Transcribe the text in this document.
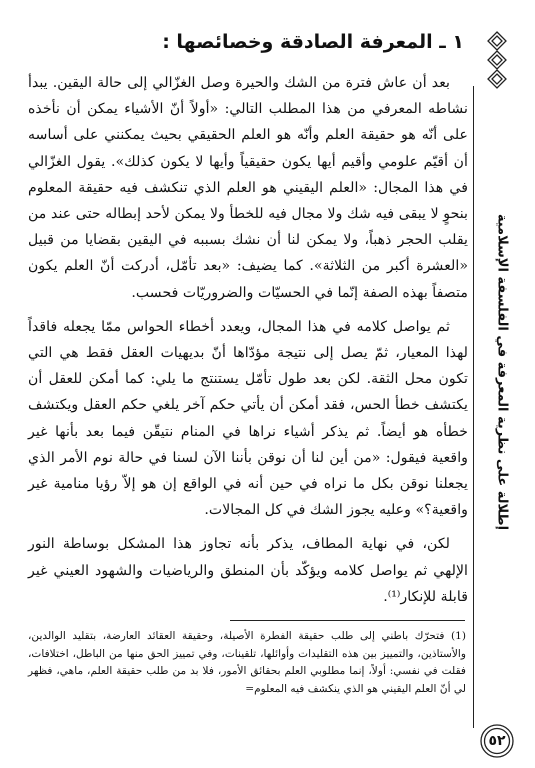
١ ـ المعرفة الصادقة وخصائصها :

بعد أن عاش فترة من الشك والحيرة وصل الغزّالي إلى حالة اليقين. يبدأ نشاطه المعرفي من هذا المطلب التالي: «أولاً أنّ الأشياء يمكن أن نأخذه على أنّه هو حقيقة العلم وأنّه هو العلم الحقيقي بحيث يمكنني على أساسه أن أقيّم علومي وأقيم أيها يكون حقيقياً وأيها لا يكون كذلك». يقول الغزّالي في هذا المجال: «العلم اليقيني هو العلم الذي تنكشف فيه حقيقة المعلوم بنحوٍ لا يبقى فيه شك ولا مجال فيه للخطأ ولا يمكن لأحد إبطاله حتى عند من يقلب الحجر ذهباً، ولا يمكن لنا أن نشك بسببه في اليقين بقضايا من قبيل «العشرة أكبر من الثلاثة». كما يضيف: «بعد تأمّل، أدركت أنّ العلم يكون متصفاً بهذه الصفة إنّما في الحسيّات والضروريّات فحسب.

ثم يواصل كلامه في هذا المجال، ويعدد أخطاء الحواس ممّا يجعله فاقداً لهذا المعيار، ثمّ يصل إلى نتيجة مؤدّاها أنّ بديهيات العقل فقط هي التي تكون محل الثقة. لكن بعد طول تأمّل يستنتج ما يلي: كما أمكن للعقل أن يكتشف خطأ الحس، فقد أمكن أن يأتي حكم آخر يلغي حكم العقل ويكتشف خطأه هو أيضاً. ثم يذكر أشياء نراها في المنام نتيقّن فيما بعد بأنها غير واقعية فيقول: «من أين لنا أن نوقن بأننا الآن لسنا في حالة نوم الأمر الذي يجعلنا نوقن بكل ما نراه في حين أنه في الواقع إن هو إلاّ رؤيا منامية غير واقعية؟» وعليه يجوز الشك في كل المجالات.

لكن، في نهاية المطاف، يذكر بأنه تجاوز هذا المشكل بوساطة النور الإلهي ثم يواصل كلامه ويؤكّد بأن المنطق والرياضيات والشهود العيني غير قابلة للإنكار⁽¹⁾.

(1) فتحرّك باطني إلى طلب حقيقة الفطرة الأصيلة، وحقيقة العقائد العارضة، بتقليد الوالدين، والأستاذين، والتمييز بين هذه التقليدات وأوائلها، تلقينات، وفي تمييز الحق منها من الباطل، اختلافات، فقلت في نفسي: أولاً، إنما مطلوبي العلم بحقائق الأمور، فلا بد من طلب حقيقة العلم، ماهي، فظهر لي أنّ العلم اليقيني هو الذي ينكشف فيه المعلوم=
إطلالة على نظرية المعرفة في الفلسفة الإسلامية
٥٢
